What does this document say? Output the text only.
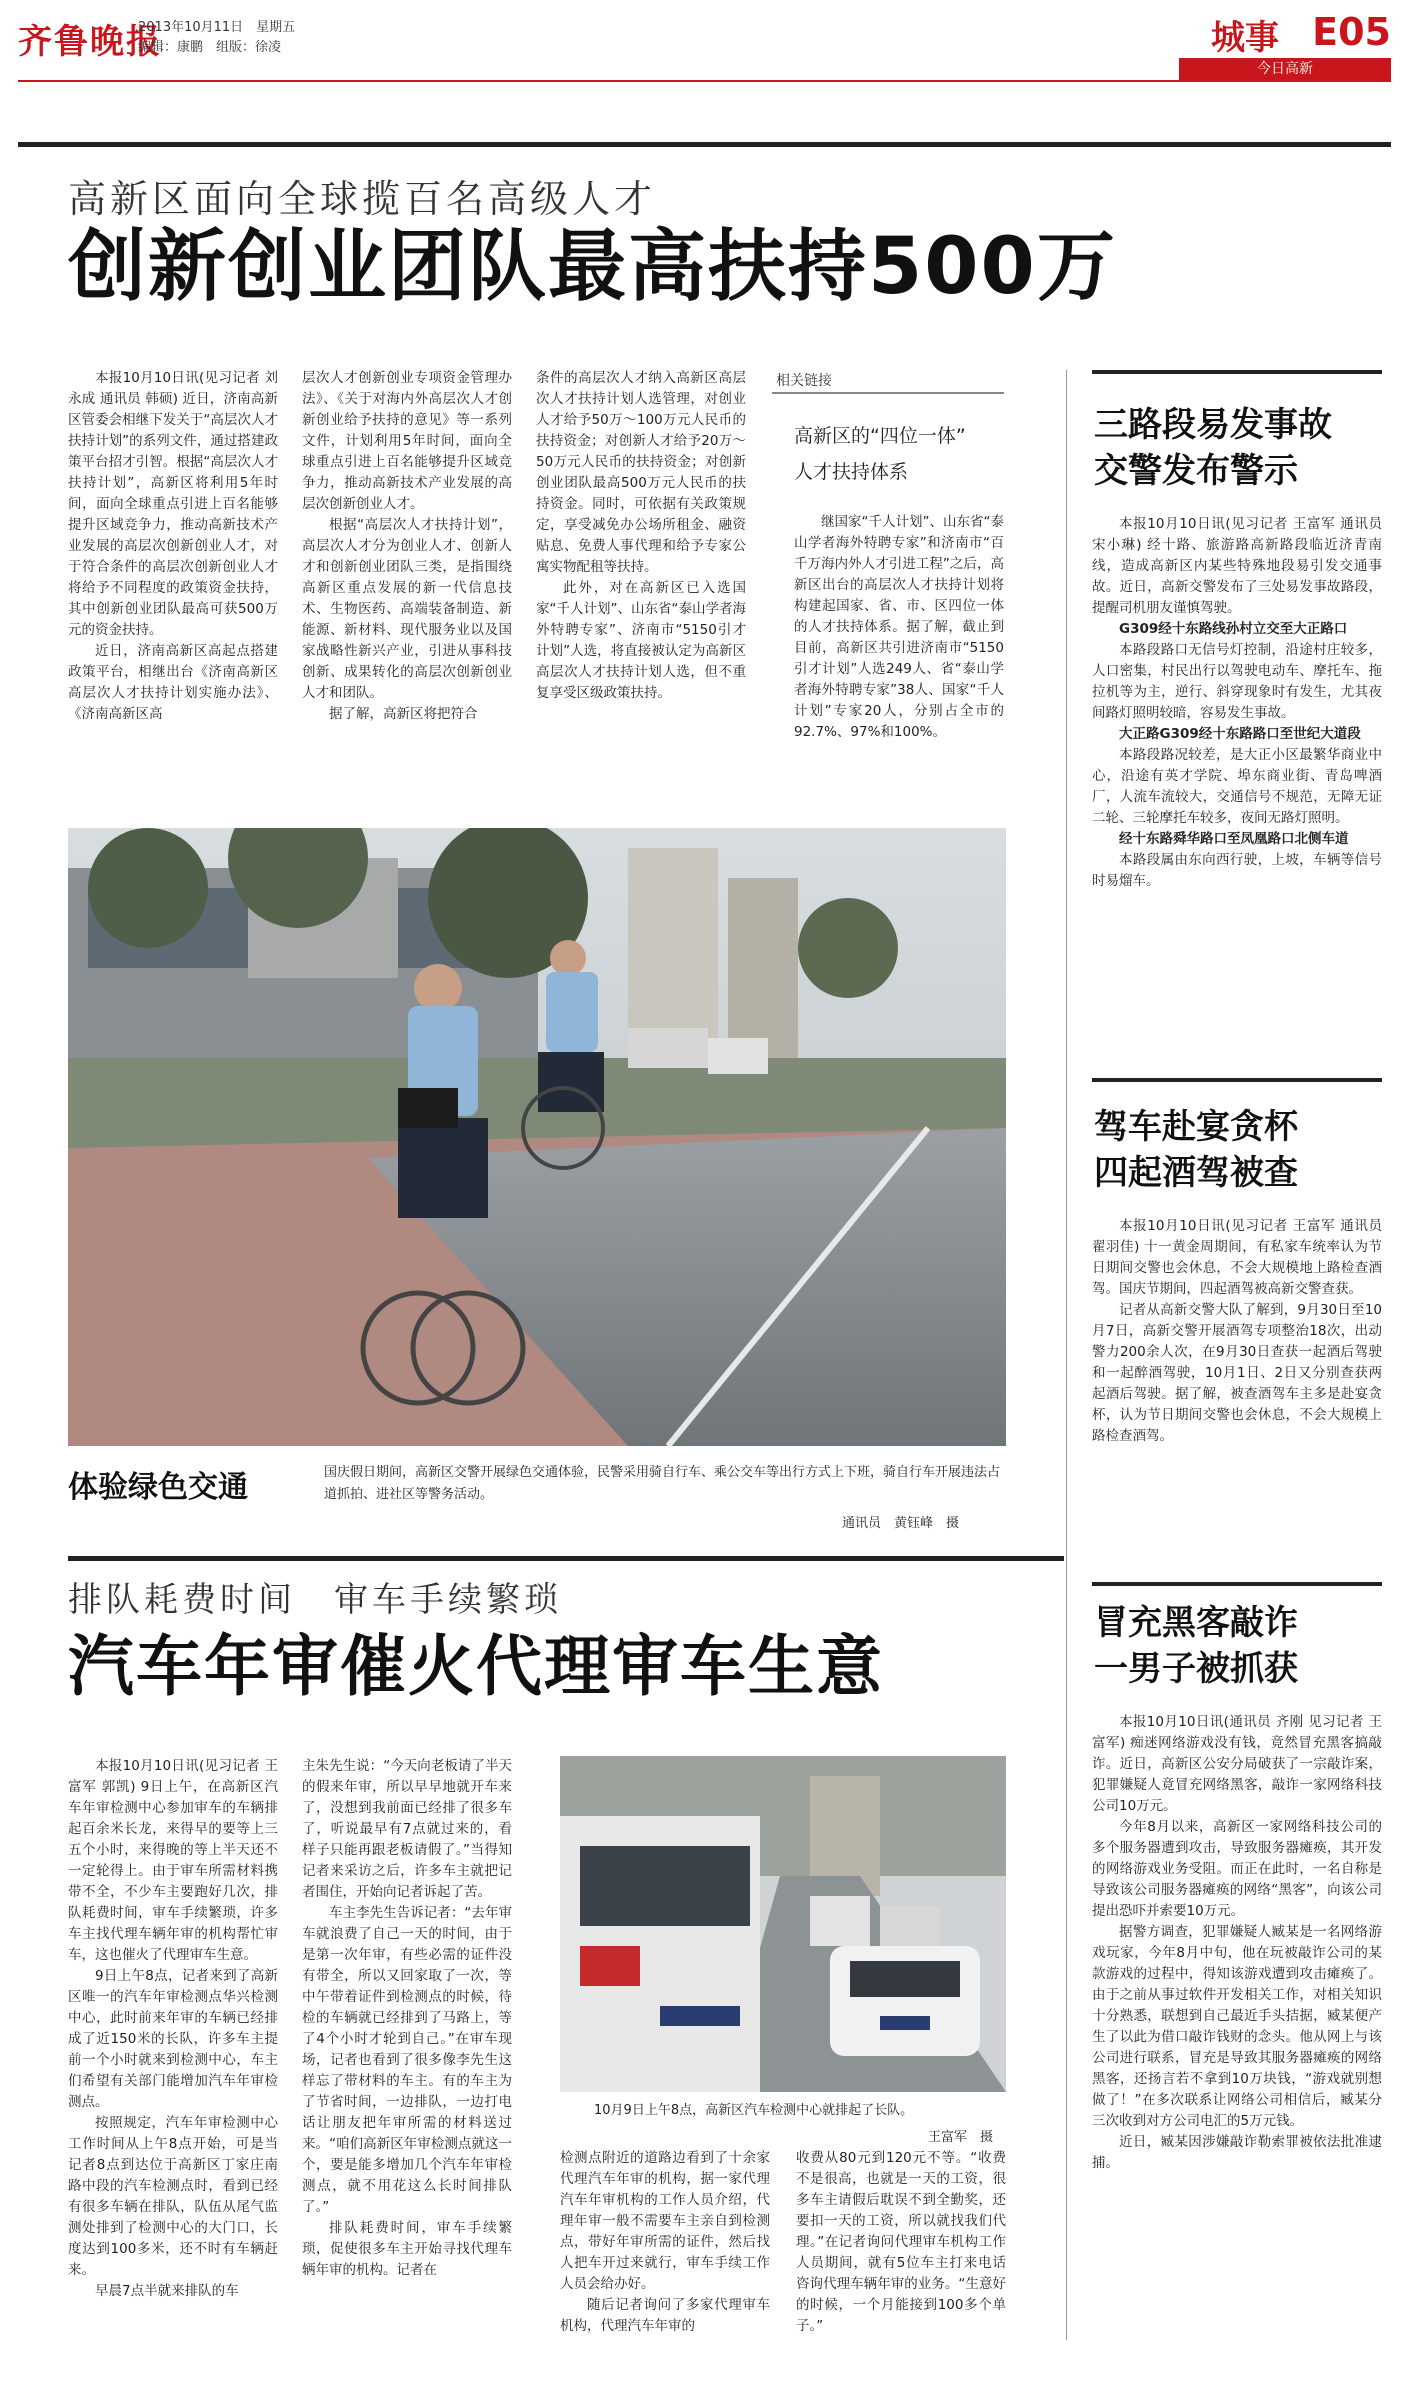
齐鲁晚报
2013年10月11日　星期五
编辑：康鹏　组版：徐凌	城事 E05
今日高新
高新区面向全球揽百名高级人才
创新创业团队最高扶持500万

本报10月10日讯(见习记者 刘永成 通讯员 韩硕) 近日，济南高新区管委会相继下发关于“高层次人才扶持计划”的系列文件，通过搭建政策平台招才引智。根据“高层次人才扶持计划”，高新区将利用5年时间，面向全球重点引进上百名能够提升区域竞争力，推动高新技术产业发展的高层次创新创业人才，对于符合条件的高层次创新创业人才将给予不同程度的政策资金扶持，其中创新创业团队最高可获500万元的资金扶持。

近日，济南高新区高起点搭建政策平台，相继出台《济南高新区高层次人才扶持计划实施办法》、《济南高新区高

层次人才创新创业专项资金管理办法》、《关于对海内外高层次人才创新创业给予扶持的意见》等一系列文件，计划利用5年时间，面向全球重点引进上百名能够提升区域竞争力，推动高新技术产业发展的高层次创新创业人才。

根据“高层次人才扶持计划”，高层次人才分为创业人才、创新人才和创新创业团队三类，是指围绕高新区重点发展的新一代信息技术、生物医药、高端装备制造、新能源、新材料、现代服务业以及国家战略性新兴产业，引进从事科技创新、成果转化的高层次创新创业人才和团队。

据了解，高新区将把符合

条件的高层次人才纳入高新区高层次人才扶持计划人选管理，对创业人才给予50万～100万元人民币的扶持资金；对创新人才给予20万～50万元人民币的扶持资金；对创新创业团队最高500万元人民币的扶持资金。同时，可依据有关政策规定，享受减免办公场所租金、融资贴息、免费人事代理和给予专家公寓实物配租等扶持。

此外，对在高新区已入选国家“千人计划”、山东省“泰山学者海外特聘专家”、济南市“5150引才计划”人选，将直接被认定为高新区高层次人才扶持计划人选，但不重复享受区级政策扶持。

相关链接
高新区的“四位一体”
人才扶持体系

继国家“千人计划”、山东省“泰山学者海外特聘专家”和济南市“百千万海内外人才引进工程”之后，高新区出台的高层次人才扶持计划将构建起国家、省、市、区四位一体的人才扶持体系。据了解，截止到目前，高新区共引进济南市“5150引才计划”人选249人、省“泰山学者海外特聘专家”38人、国家“千人计划”专家20人，分别占全市的92.7%、97%和100%。

三路段易发事故
交警发布警示

本报10月10日讯(见习记者 王富军 通讯员 宋小琳) 经十路、旅游路高新路段临近济青南线，造成高新区内某些特殊地段易引发交通事故。近日，高新交警发布了三处易发事故路段，提醒司机朋友谨慎驾驶。

G309经十东路线孙村立交至大正路口

本路段路口无信号灯控制，沿途村庄较多，人口密集，村民出行以驾驶电动车、摩托车、拖拉机等为主，逆行、斜穿现象时有发生，尤其夜间路灯照明较暗，容易发生事故。

大正路G309经十东路路口至世纪大道段

本路段路况较差，是大正小区最繁华商业中心，沿途有英才学院、埠东商业街、青岛啤酒厂，人流车流较大，交通信号不规范，无障无证二轮、三轮摩托车较多，夜间无路灯照明。

经十东路舜华路口至凤凰路口北侧车道

本路段属由东向西行驶，上坡，车辆等信号时易熘车。

驾车赴宴贪杯
四起酒驾被查

本报10月10日讯(见习记者 王富军 通讯员 翟羽佳) 十一黄金周期间，有私家车统率认为节日期间交警也会休息，不会大规模地上路检查酒驾。国庆节期间，四起酒驾被高新交警查获。

记者从高新交警大队了解到，9月30日至10月7日，高新交警开展酒驾专项整治18次，出动警力200余人次，在9月30日查获一起酒后驾驶和一起醉酒驾驶，10月1日、2日又分别查获两起酒后驾驶。据了解，被查酒驾车主多是赴宴贪杯，认为节日期间交警也会休息，不会大规模上路检查酒驾。

体验绿色交通	国庆假日期间，高新区交警开展绿色交通体验，民警采用骑自行车、乘公交车等出行方式上下班，骑自行车开展违法占道抓拍、进社区等警务活动。
通讯员　黄钰峰　摄
冒充黑客敲诈
一男子被抓获

本报10月10日讯(通讯员 齐刚 见习记者 王富军) 痴迷网络游戏没有钱，竟然冒充黑客搞敲诈。近日，高新区公安分局破获了一宗敲诈案，犯罪嫌疑人竟冒充网络黑客，敲诈一家网络科技公司10万元。

今年8月以来，高新区一家网络科技公司的多个服务器遭到攻击，导致服务器瘫痪，其开发的网络游戏业务受阻。而正在此时，一名自称是导致该公司服务器瘫痪的网络“黑客”，向该公司提出恐吓并索要10万元。

据警方调查，犯罪嫌疑人臧某是一名网络游戏玩家，今年8月中旬，他在玩被敲诈公司的某款游戏的过程中，得知该游戏遭到攻击瘫痪了。由于之前从事过软件开发相关工作，对相关知识十分熟悉，联想到自己最近手头拮据，臧某便产生了以此为借口敲诈钱财的念头。他从网上与该公司进行联系，冒充是导致其服务器瘫痪的网络黑客，还扬言若不拿到10万块钱，“游戏就别想做了！”在多次联系让网络公司相信后，臧某分三次收到对方公司电汇的5万元钱。

近日，臧某因涉嫌敲诈勒索罪被依法批准逮捕。

排队耗费时间　审车手续繁琐
汽车年审催火代理审车生意

本报10月10日讯(见习记者 王富军 郭凯) 9日上午，在高新区汽车年审检测中心参加审车的车辆排起百余米长龙，来得早的要等上三五个小时，来得晚的等上半天还不一定轮得上。由于审车所需材料携带不全，不少车主要跑好几次，排队耗费时间，审车手续繁琐，许多车主找代理车辆年审的机构帮忙审车，这也催火了代理审车生意。

9日上午8点，记者来到了高新区唯一的汽车年审检测点华兴检测中心，此时前来年审的车辆已经排成了近150米的长队，许多车主提前一个小时就来到检测中心，车主们希望有关部门能增加汽车年审检测点。

按照规定，汽车年审检测中心工作时间从上午8点开始，可是当记者8点到达位于高新区丁家庄南路中段的汽车检测点时，看到已经有很多车辆在排队，队伍从尾气监测处排到了检测中心的大门口，长度达到100多米，还不时有车辆赶来。

早晨7点半就来排队的车

主朱先生说：“今天向老板请了半天的假来年审，所以早早地就开车来了，没想到我前面已经排了很多车了，听说最早有7点就过来的，看样子只能再跟老板请假了。”当得知记者来采访之后，许多车主就把记者围住，开始向记者诉起了苦。

车主李先生告诉记者：“去年审车就浪费了自己一天的时间，由于是第一次年审，有些必需的证件没有带全，所以又回家取了一次，等中午带着证件到检测点的时候，待检的车辆就已经排到了马路上，等了4个小时才轮到自己。”在审车现场，记者也看到了很多像李先生这样忘了带材料的车主。有的车主为了节省时间，一边排队，一边打电话让朋友把年审所需的材料送过来。“咱们高新区年审检测点就这一个，要是能多增加几个汽车年审检测点，就不用花这么长时间排队了。”

排队耗费时间，审车手续繁琐，促使很多车主开始寻找代理车辆年审的机构。记者在

10月9日上午8点，高新区汽车检测中心就排起了长队。
王富军　摄

检测点附近的道路边看到了十余家代理汽车年审的机构，据一家代理汽车年审机构的工作人员介绍，代理年审一般不需要车主亲自到检测点，带好年审所需的证件，然后找人把车开过来就行，审车手续工作人员会给办好。

随后记者询问了多家代理审车机构，代理汽车年审的

收费从80元到120元不等。“收费不是很高，也就是一天的工资，很多车主请假后耽误不到全勤奖，还要扣一天的工资，所以就找我们代理。”在记者询问代理审车机构工作人员期间，就有5位车主打来电话咨询代理车辆年审的业务。“生意好的时候，一个月能接到100多个单子。”
